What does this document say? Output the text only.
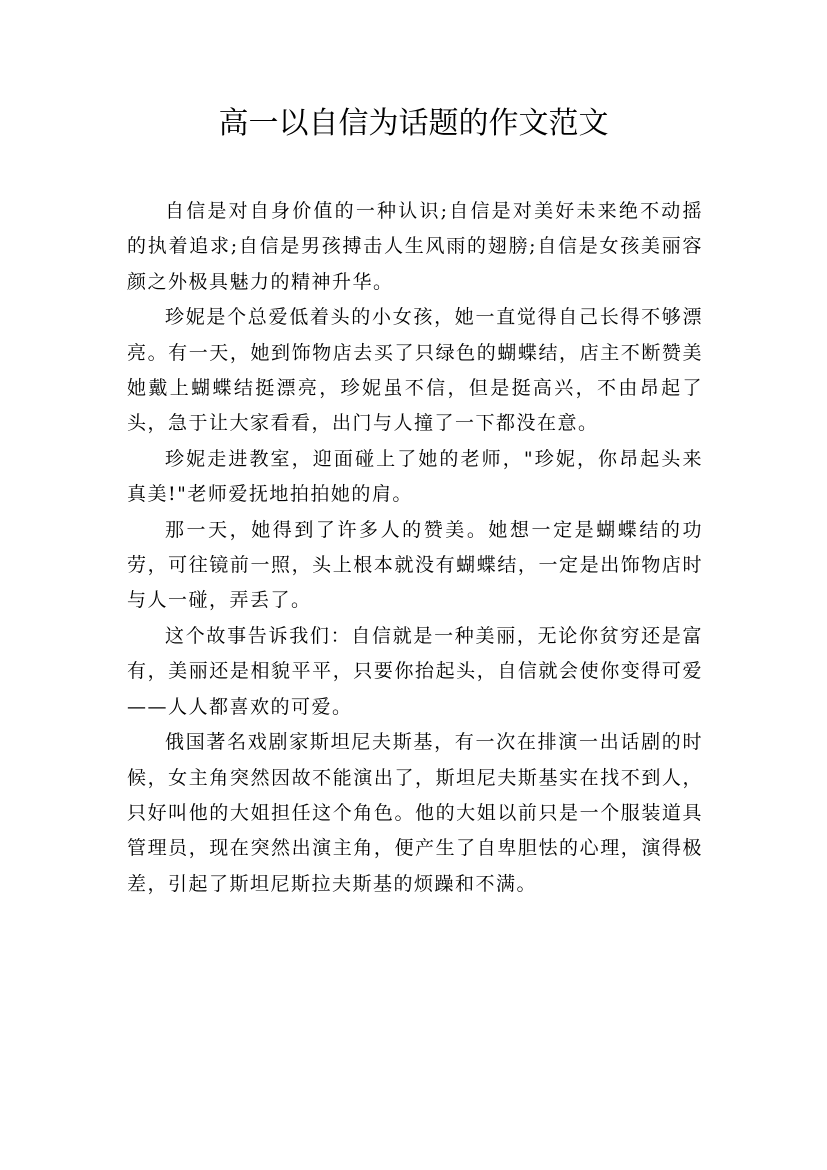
高一以自信为话题的作文范文

自信是对自身价值的一种认识;自信是对美好未来绝不动摇的执着追求;自信是男孩搏击人生风雨的翅膀;自信是女孩美丽容颜之外极具魅力的精神升华。

珍妮是个总爱低着头的小女孩，她一直觉得自己长得不够漂亮。有一天，她到饰物店去买了只绿色的蝴蝶结，店主不断赞美她戴上蝴蝶结挺漂亮，珍妮虽不信，但是挺高兴，不由昂起了头，急于让大家看看，出门与人撞了一下都没在意。

珍妮走进教室，迎面碰上了她的老师，"珍妮，你昂起头来真美!"老师爱抚地拍拍她的肩。

那一天，她得到了许多人的赞美。她想一定是蝴蝶结的功劳，可往镜前一照，头上根本就没有蝴蝶结，一定是出饰物店时与人一碰，弄丢了。

这个故事告诉我们：自信就是一种美丽，无论你贫穷还是富有，美丽还是相貌平平，只要你抬起头，自信就会使你变得可爱——人人都喜欢的可爱。

俄国著名戏剧家斯坦尼夫斯基，有一次在排演一出话剧的时候，女主角突然因故不能演出了，斯坦尼夫斯基实在找不到人，只好叫他的大姐担任这个角色。他的大姐以前只是一个服装道具管理员，现在突然出演主角，便产生了自卑胆怯的心理，演得极差，引起了斯坦尼斯拉夫斯基的烦躁和不满。
